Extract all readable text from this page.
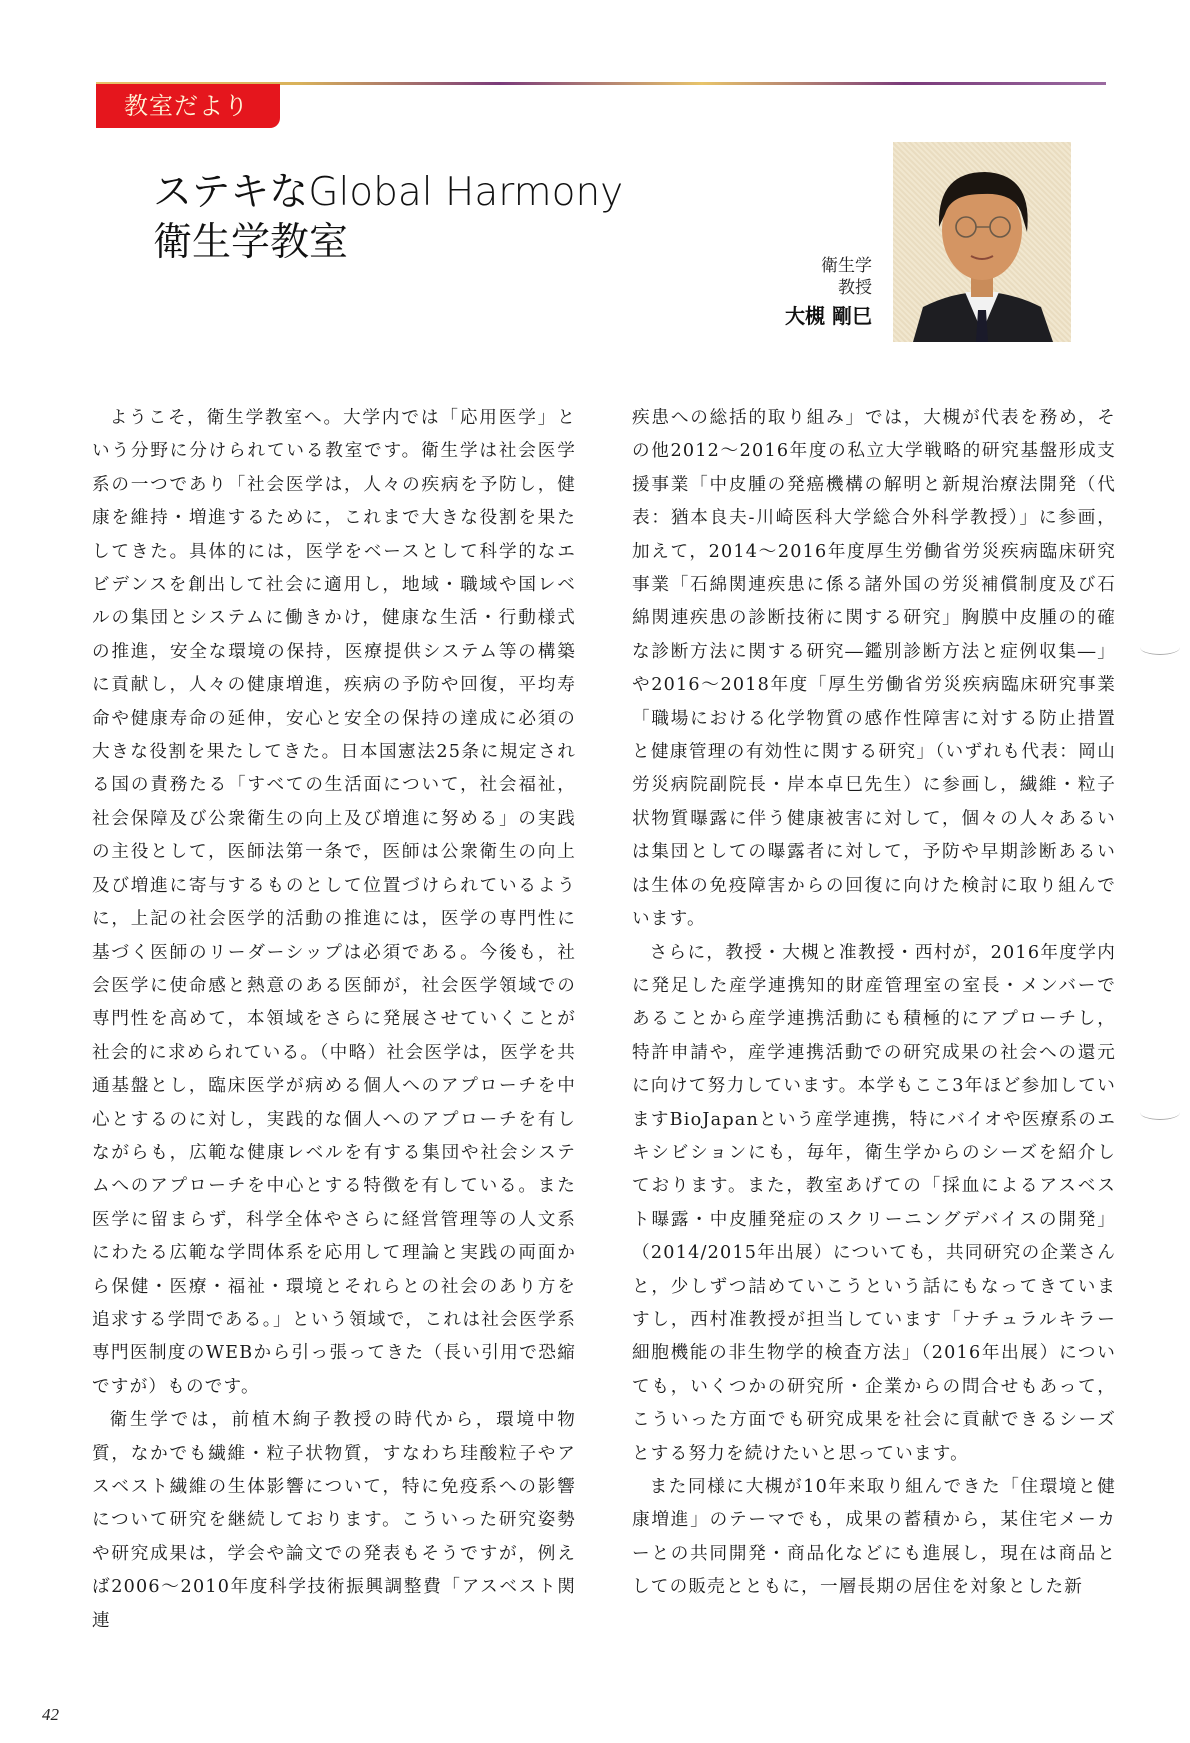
教室だより
ステキなGlobal Harmony
衛生学教室
衛生学
教授
大槻 剛巳

ようこそ，衛生学教室へ。大学内では「応用医学」という分野に分けられている教室です。衛生学は社会医学系の一つであり「社会医学は，人々の疾病を予防し，健康を維持・増進するために，これまで大きな役割を果たしてきた。具体的には，医学をベースとして科学的なエビデンスを創出して社会に適用し，地域・職域や国レベルの集団とシステムに働きかけ，健康な生活・行動様式の推進，安全な環境の保持，医療提供システム等の構築に貢献し，人々の健康増進，疾病の予防や回復，平均寿命や健康寿命の延伸，安心と安全の保持の達成に必須の大きな役割を果たしてきた。日本国憲法25条に規定される国の責務たる「すべての生活面について，社会福祉，社会保障及び公衆衛生の向上及び増進に努める」の実践の主役として，医師法第一条で，医師は公衆衛生の向上及び増進に寄与するものとして位置づけられているように，上記の社会医学的活動の推進には，医学の専門性に基づく医師のリーダーシップは必須である。今後も，社会医学に使命感と熱意のある医師が，社会医学領域での専門性を高めて，本領域をさらに発展させていくことが社会的に求められている。（中略）社会医学は，医学を共通基盤とし，臨床医学が病める個人へのアプローチを中心とするのに対し，実践的な個人へのアプローチを有しながらも，広範な健康レベルを有する集団や社会システムへのアプローチを中心とする特徴を有している。また医学に留まらず，科学全体やさらに経営管理等の人文系にわたる広範な学問体系を応用して理論と実践の両面から保健・医療・福祉・環境とそれらとの社会のあり方を追求する学問である。」という領域で，これは社会医学系専門医制度のWEBから引っ張ってきた（長い引用で恐縮ですが）ものです。

衛生学では，前植木絢子教授の時代から，環境中物質，なかでも繊維・粒子状物質，すなわち珪酸粒子やアスベスト繊維の生体影響について，特に免疫系への影響について研究を継続しております。こういった研究姿勢や研究成果は，学会や論文での発表もそうですが，例えば2006～2010年度科学技術振興調整費「アスベスト関連

疾患への総括的取り組み」では，大槻が代表を務め，その他2012～2016年度の私立大学戦略的研究基盤形成支援事業「中皮腫の発癌機構の解明と新規治療法開発（代表：猶本良夫-川崎医科大学総合外科学教授）」に参画，加えて，2014～2016年度厚生労働省労災疾病臨床研究事業「石綿関連疾患に係る諸外国の労災補償制度及び石綿関連疾患の診断技術に関する研究」胸膜中皮腫の的確な診断方法に関する研究―鑑別診断方法と症例収集―」や2016～2018年度「厚生労働省労災疾病臨床研究事業「職場における化学物質の感作性障害に対する防止措置と健康管理の有効性に関する研究」（いずれも代表：岡山労災病院副院長・岸本卓巳先生）に参画し，繊維・粒子状物質曝露に伴う健康被害に対して，個々の人々あるいは集団としての曝露者に対して，予防や早期診断あるいは生体の免疫障害からの回復に向けた検討に取り組んでいます。

さらに，教授・大槻と准教授・西村が，2016年度学内に発足した産学連携知的財産管理室の室長・メンバーであることから産学連携活動にも積極的にアプローチし，特許申請や，産学連携活動での研究成果の社会への還元に向けて努力しています。本学もここ3年ほど参加していますBioJapanという産学連携，特にバイオや医療系のエキシビションにも，毎年，衛生学からのシーズを紹介しております。また，教室あげての「採血によるアスベスト曝露・中皮腫発症のスクリーニングデバイスの開発」（2014/2015年出展）についても，共同研究の企業さんと，少しずつ詰めていこうという話にもなってきていますし，西村准教授が担当しています「ナチュラルキラー細胞機能の非生物学的検査方法」（2016年出展）についても，いくつかの研究所・企業からの問合せもあって，こういった方面でも研究成果を社会に貢献できるシーズとする努力を続けたいと思っています。

また同様に大槻が10年来取り組んできた「住環境と健康増進」のテーマでも，成果の蓄積から，某住宅メーカーとの共同開発・商品化などにも進展し，現在は商品としての販売とともに，一層長期の居住を対象とした新

42
